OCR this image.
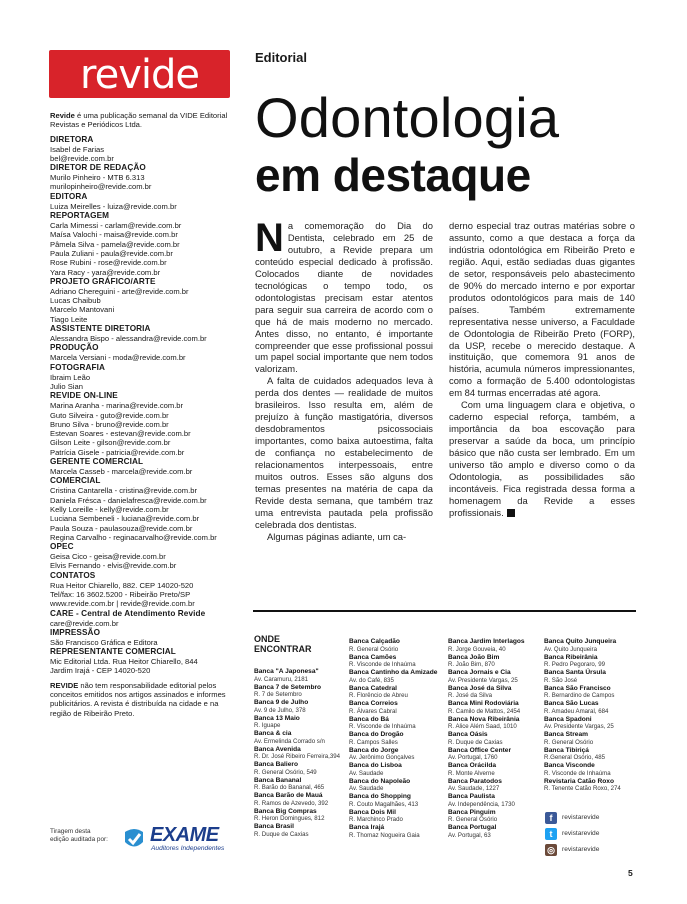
revide
Revide é uma publicação semanal da VIDE Editorial Revistas e Periódicos Ltda.
DIRETORA
Isabel de Farias
bel@revide.com.br
DIRETOR DE REDAÇÃO
Murilo Pinheiro - MTB 6.313
murilopinheiro@revide.com.br
EDITORA
Luiza Meirelles - luiza@revide.com.br
REPORTAGEM
Carla Mimessi - carlam@revide.com.br
Maísa Valochi - maisa@revide.com.br
Pâmela Silva - pamela@revide.com.br
Paula Zuliani - paula@revide.com.br
Rose Rubini - rose@revide.com.br
Yara Racy - yara@revide.com.br
PROJETO GRÁFICO/ARTE
Adriano Chereguini - arte@revide.com.br
Lucas Chaibub
Marcelo Mantovani
Tiago Leite
ASSISTENTE DIRETORIA
Alessandra Bispo - alessandra@revide.com.br
PRODUÇÃO
Marcela Versiani - moda@revide.com.br
FOTOGRAFIA
Ibraim Leão
Julio Sian
REVIDE ON-LINE
Marina Aranha - marina@revide.com.br
Guto Silveira - guto@revide.com.br
Bruno Silva - bruno@revide.com.br
Estevan Soares - estevan@revide.com.br
Gilson Leite - gilson@revide.com.br
Patrícia Gisele - patricia@revide.com.br
GERENTE COMERCIAL
Marcela Casseb - marcela@revide.com.br
COMERCIAL
Cristina Cantarella - cristina@revide.com.br
Daniela Frésca - danielafresca@revide.com.br
Kelly Loreille - kelly@revide.com.br
Luciana Sembeneli - luciana@revide.com.br
Paula Souza - paulasouza@revide.com.br
Regina Carvalho - reginacarvalho@revide.com.br
OPEC
Geisa Cico - geisa@revide.com.br
Elvis Fernando - elvis@revide.com.br
CONTATOS
Rua Heitor Chiarello, 882. CEP 14020-520
Tel/fax: 16 3602.5200 - Ribeirão Preto/SP
www.revide.com.br | revide@revide.com.br
CARE - Central de Atendimento Revide
care@revide.com.br
IMPRESSÃO
São Francisco Gráfica e Editora
REPRESENTANTE COMERCIAL
Mic Editorial Ltda. Rua Heitor Chiarello, 844
Jardim Irajá - CEP 14020-520
REVIDE não tem responsabilidade editorial pelos conceitos emitidos nos artigos assinados e informes publicitários. A revista é distribuída na cidade e na região de Ribeirão Preto.
Tiragem desta edição auditada por: EXAME
Auditores Independentes
Editorial
Odontologia
em destaque

Na comemoração do Dia do Dentista, celebrado em 25 de outubro, a Revide prepara um conteúdo especial dedicado à profissão. Colocados diante de novidades tecnológicas o tempo todo, os odontologistas precisam estar atentos para seguir sua carreira de acordo com o que há de mais moderno no mercado. Antes disso, no entanto, é importante compreender que esse profissional possui um papel social importante que nem todos valorizam.

A falta de cuidados adequados leva à perda dos dentes — realidade de muitos brasileiros. Isso resulta em, além de prejuízo à função mastigatória, diversos desdobramentos psicossociais importantes, como baixa autoestima, falta de confiança no estabelecimento de relacionamentos interpessoais, entre muitos outros. Esses são alguns dos temas presentes na matéria de capa da Revide desta semana, que também traz uma entrevista pautada pela profissão celebrada dos dentistas.

Algumas páginas adiante, um ca-

derno especial traz outras matérias sobre o assunto, como a que destaca a força da indústria odontológica em Ribeirão Preto e região. Aqui, estão sediadas duas gigantes de setor, responsáveis pelo abastecimento de 90% do mercado interno e por exportar produtos odontológicos para mais de 140 países. Também extremamente representativa nesse universo, a Faculdade de Odontologia de Ribeirão Preto (FORP), da USP, recebe o merecido destaque. A instituição, que comemora 91 anos de história, acumula números impressionantes, como a formação de 5.400 odontologistas em 84 turmas encerradas até agora.

Com uma linguagem clara e objetiva, o caderno especial reforça, também, a importância da boa escovação para preservar a saúde da boca, um princípio básico que não custa ser lembrado. Em um universo tão amplo e diverso como o da Odontologia, as possibilidades são incontáveis. Fica registrada dessa forma a homenagem da Revide a esses profissionais.

ONDE ENCONTRAR
Banca "A Japonesa"
Av. Caramuru, 2181
Banca 7 de Setembro
R. 7 de Setembro
Banca 9 de Julho
Av. 9 de Julho, 378
Banca 13 Maio
R. Iguape
Banca & cia
Av. Ermelinda Corrado s/n
Banca Avenida
R. Dr. José Ribeiro Ferreira,394
Banca Baliero
R. General Osório, 549
Banca Bananal
R. Barão do Bananal, 465
Banca Barão de Mauá
R. Ramos de Azevedo, 392
Banca Big Compras
R. Heron Domingues, 812
Banca Brasil
R. Duque de Caxias
Banca Calçadão
R. General Osório
Banca Camões
R. Visconde de Inhaúma
Banca Cantinho da Amizade
Av. do Café, 835
Banca Catedral
R. Florêncio de Abreu
Banca Correios
R. Álvares Cabral
Banca do Bá
R. Visconde de Inhaúma
Banca do Drogão
R. Campos Salles
Banca do Jorge
Av. Jerônimo Gonçalves
Banca do Lisboa
Av. Saudade
Banca do Napoleão
Av. Saudade
Banca do Shopping
R. Couto Magalhães, 413
Banca Dois Mil
R. Marchinco Prado
Banca Irajá
R. Thomaz Nogueira Gaia
Banca Jardim Interlagos
R. Jorge Gouveia, 40
Banca João Bim
R. João Bim, 870
Banca Jornais e Cia
Av. Presidente Vargas, 25
Banca José da Silva
R. José da Silva
Banca Mini Rodoviária
R. Camilo de Mattos, 2454
Banca Nova Ribeirânia
R. Alice Além Saad, 1010
Banca Oásis
R. Duque de Caxias
Banca Office Center
Av. Portugal, 1760
Banca Orácilda
R. Monte Alverne
Banca Paratodos
Av. Saudade, 1227
Banca Paulista
Av. Independência, 1730
Banca Pinguim
R. General Osório
Banca Portugal
Av. Portugal, 63
Banca Quito Junqueira
Av. Quito Junqueira
Banca Ribeirânia
R. Pedro Pegoraro, 99
Banca Santa Úrsula
R. São José
Banca São Francisco
R. Bernardino de Campos
Banca São Lucas
R. Amadeu Amaral, 684
Banca Spadoni
Av. Presidente Vargas, 25
Banca Stream
R. General Osório
Banca Tibiriçá
R.General Osório, 485
Banca Visconde
R. Visconde de Inhaúma
Revistaria Catão Roxo
R. Tenente Catão Roxo, 274
f	revistarevide
t	revistarevide
◎	revistarevide
5
